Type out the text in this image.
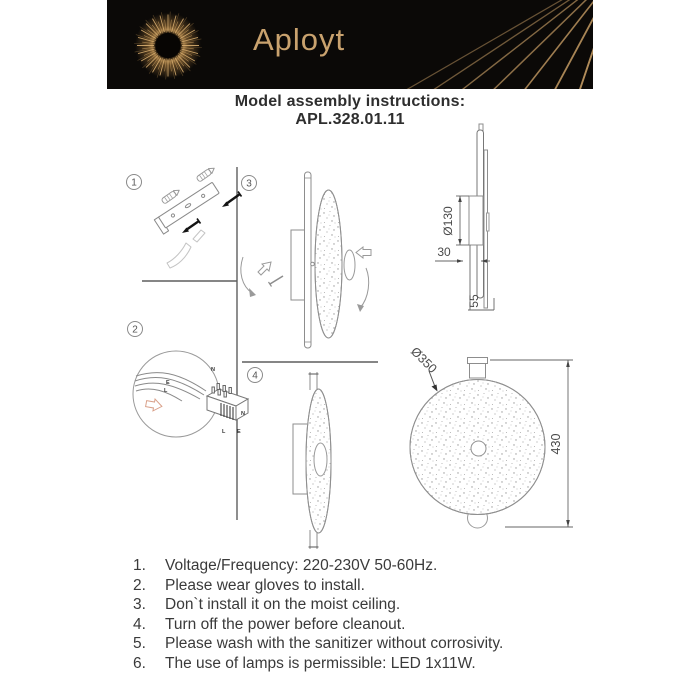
1
2
3
4
N
E
L
N
L E
Ø130
30
55
Ø350
430
Aployt
Model assembly instructions:
APL.328.01.11
1.	Voltage/Frequency: 220-230V 50-60Hz.
2.	Please wear gloves to install.
3.	Don`t install it on the moist ceiling.
4.	Turn off the power before cleanout.
5.	Please wash with the sanitizer without corrosivity.
6.	The use of lamps is permissible: LED 1x11W.
